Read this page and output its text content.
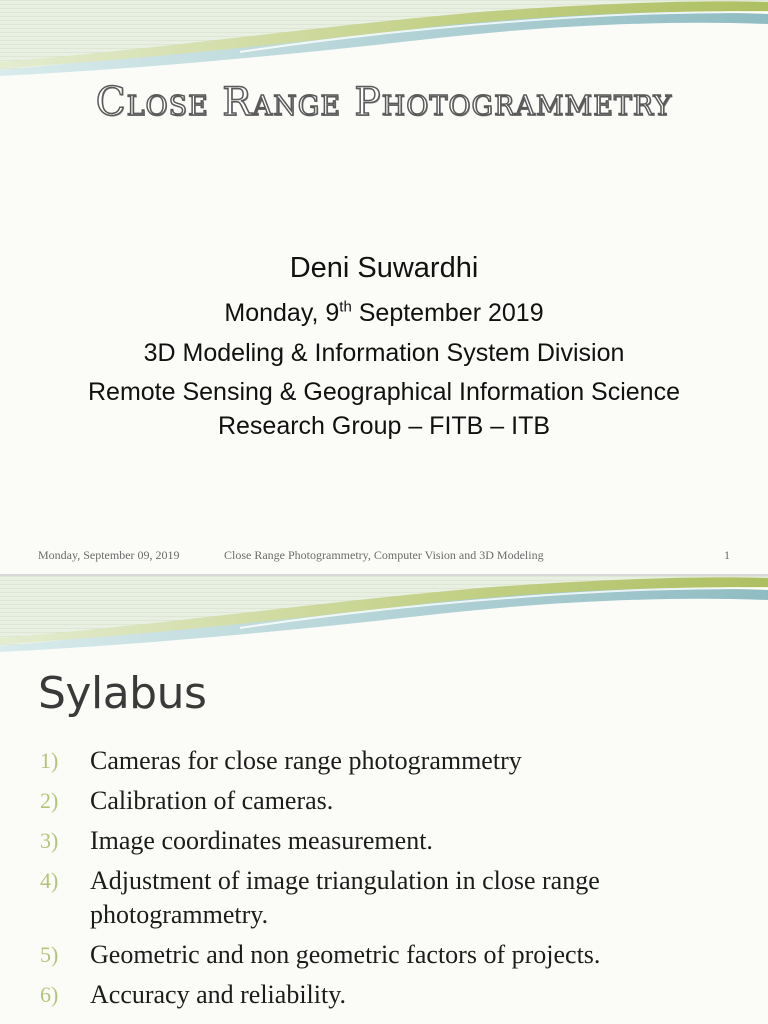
Close Range Photogrammetry
Deni Suwardhi
Monday, 9th September 2019
3D Modeling & Information System Division
Remote Sensing & Geographical Information Science
Research Group – FITB – ITB
Monday, September 09, 2019	Close Range Photogrammetry, Computer Vision and 3D Modeling	1
Sylabus
1)	Cameras for close range photogrammetry
2)	Calibration of cameras.
3)	Image coordinates measurement.
4)	Adjustment of image triangulation in close range photogrammetry.
5)	Geometric and non geometric factors of projects.
6)	Accuracy and reliability.
